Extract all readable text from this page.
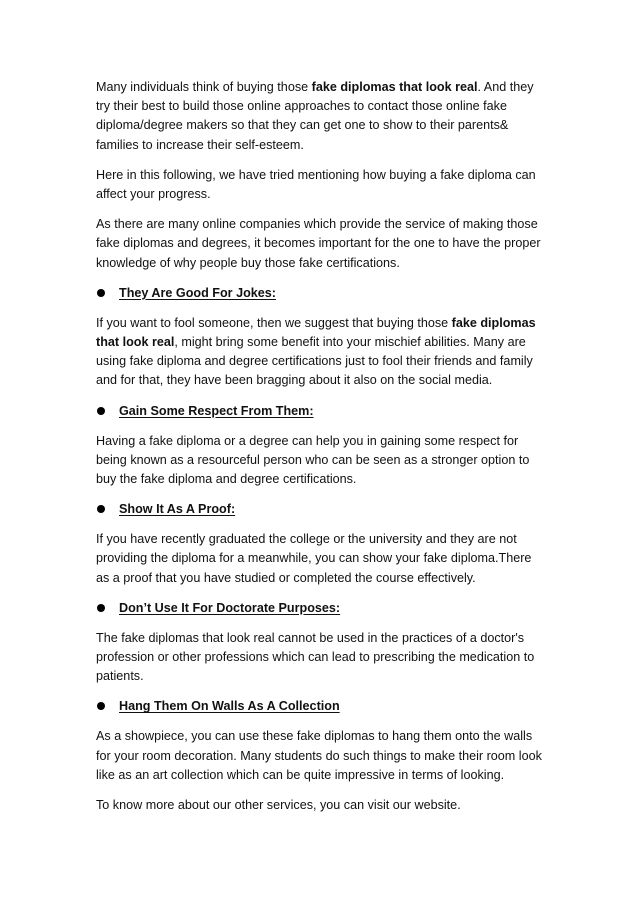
Many individuals think of buying those fake diplomas that look real. And they try their best to build those online approaches to contact those online fake diploma/degree makers so that they can get one to show to their parents& families to increase their self-esteem.

Here in this following, we have tried mentioning how buying a fake diploma can affect your progress.

As there are many online companies which provide the service of making those fake diplomas and degrees, it becomes important for the one to have the proper knowledge of why people buy those fake certifications.

They Are Good For Jokes:

If you want to fool someone, then we suggest that buying those fake diplomas that look real, might bring some benefit into your mischief abilities. Many are using fake diploma and degree certifications just to fool their friends and family and for that, they have been bragging about it also on the social media.

Gain Some Respect From Them:

Having a fake diploma or a degree can help you in gaining some respect for being known as a resourceful person who can be seen as a stronger option to buy the fake diploma and degree certifications.

Show It As A Proof:

If you have recently graduated the college or the university and they are not providing the diploma for a meanwhile, you can show your fake diploma.There as a proof that you have studied or completed the course effectively.

Don’t Use It For Doctorate Purposes:

The fake diplomas that look real cannot be used in the practices of a doctor's profession or other professions which can lead to prescribing the medication to patients.

Hang Them On Walls As A Collection

As a showpiece, you can use these fake diplomas to hang them onto the walls for your room decoration. Many students do such things to make their room look like as an art collection which can be quite impressive in terms of looking.

To know more about our other services, you can visit our website.
